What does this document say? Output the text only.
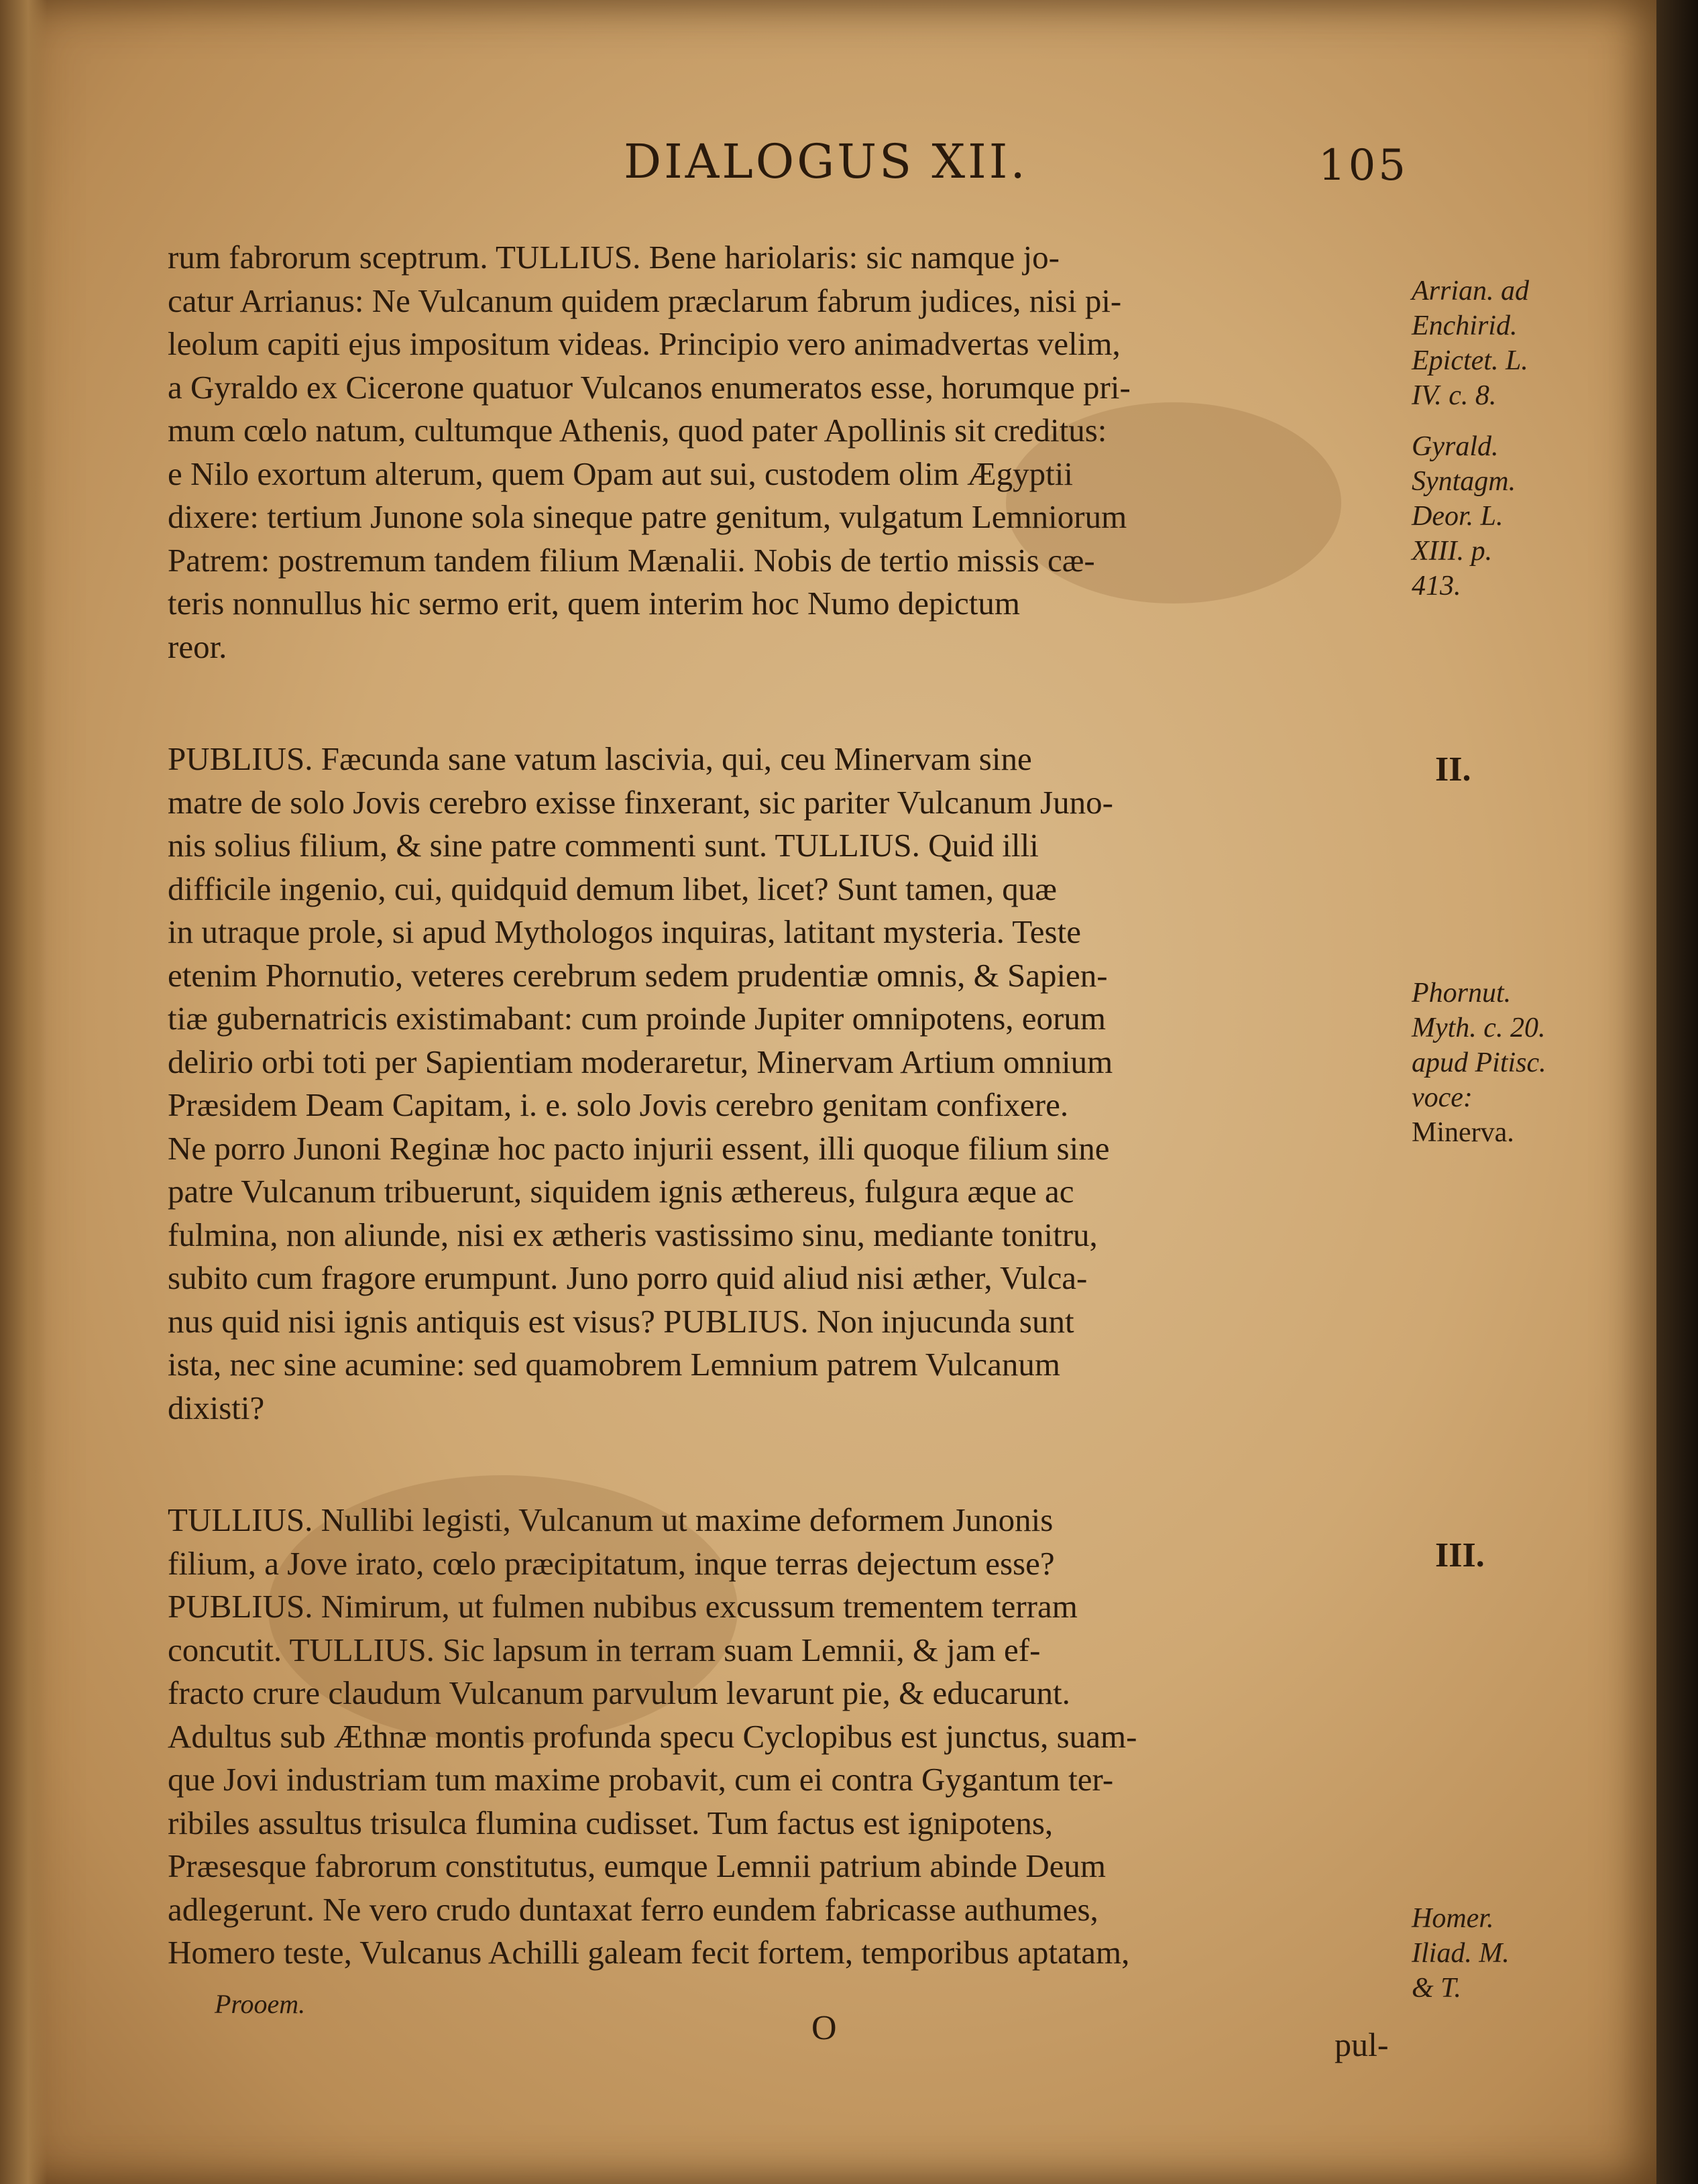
DIALOGUS XII.	105
rum fabrorum sceptrum. TULLIUS. Bene hariolaris: sic namque jo-
catur Arrianus: Ne Vulcanum quidem præclarum fabrum judices, nisi pi-
leolum capiti ejus impositum videas. Principio vero animadvertas velim,
a Gyraldo ex Cicerone quatuor Vulcanos enumeratos esse, horumque pri-
mum cœlo natum, cultumque Athenis, quod pater Apollinis sit creditus:
e Nilo exortum alterum, quem Opam aut sui, custodem olim Ægyptii
dixere: tertium Junone sola sineque patre genitum, vulgatum Lemniorum
Patrem: postremum tandem filium Mænalii. Nobis de tertio missis cæ-
teris nonnullus hic sermo erit, quem interim hoc Numo depictum
reor.
Arrian. ad
Enchirid.
Epictet. L.
IV. c. 8.
Gyrald.
Syntagm.
Deor. L.
XIII. p.
413.
II.
PUBLIUS. Fæcunda sane vatum lascivia, qui, ceu Minervam sine
matre de solo Jovis cerebro exisse finxerant, sic pariter Vulcanum Juno-
nis solius filium, & sine patre commenti sunt. TULLIUS. Quid illi
difficile ingenio, cui, quidquid demum libet, licet? Sunt tamen, quæ
in utraque prole, si apud Mythologos inquiras, latitant mysteria. Teste
etenim Phornutio, veteres cerebrum sedem prudentiæ omnis, & Sapien-
tiæ gubernatricis existimabant: cum proinde Jupiter omnipotens, eorum
delirio orbi toti per Sapientiam moderaretur, Minervam Artium omnium
Præsidem Deam Capitam, i. e. solo Jovis cerebro genitam confixere.
Ne porro Junoni Reginæ hoc pacto injurii essent, illi quoque filium sine
patre Vulcanum tribuerunt, siquidem ignis æthereus, fulgura æque ac
fulmina, non aliunde, nisi ex ætheris vastissimo sinu, mediante tonitru,
subito cum fragore erumpunt. Juno porro quid aliud nisi æther, Vulca-
nus quid nisi ignis antiquis est visus? PUBLIUS. Non injucunda sunt
ista, nec sine acumine: sed quamobrem Lemnium patrem Vulcanum
dixisti?
Phornut.
Myth. c. 20.
apud Pitisc.
voce:
Minerva.
III.
TULLIUS. Nullibi legisti, Vulcanum ut maxime deformem Junonis
filium, a Jove irato, cœlo præcipitatum, inque terras dejectum esse?
PUBLIUS. Nimirum, ut fulmen nubibus excussum trementem terram
concutit. TULLIUS. Sic lapsum in terram suam Lemnii, & jam ef-
fracto crure claudum Vulcanum parvulum levarunt pie, & educarunt.
Adultus sub Æthnæ montis profunda specu Cyclopibus est junctus, suam-
que Jovi industriam tum maxime probavit, cum ei contra Gygantum ter-
ribiles assultus trisulca flumina cudisset. Tum factus est ignipotens,
Præsesque fabrorum constitutus, eumque Lemnii patrium abinde Deum
adlegerunt. Ne vero crudo duntaxat ferro eundem fabricasse authumes,
Homero teste, Vulcanus Achilli galeam fecit fortem, temporibus aptatam,
Homer.
Iliad. M.
& T.
Prooem.
O	pul-
